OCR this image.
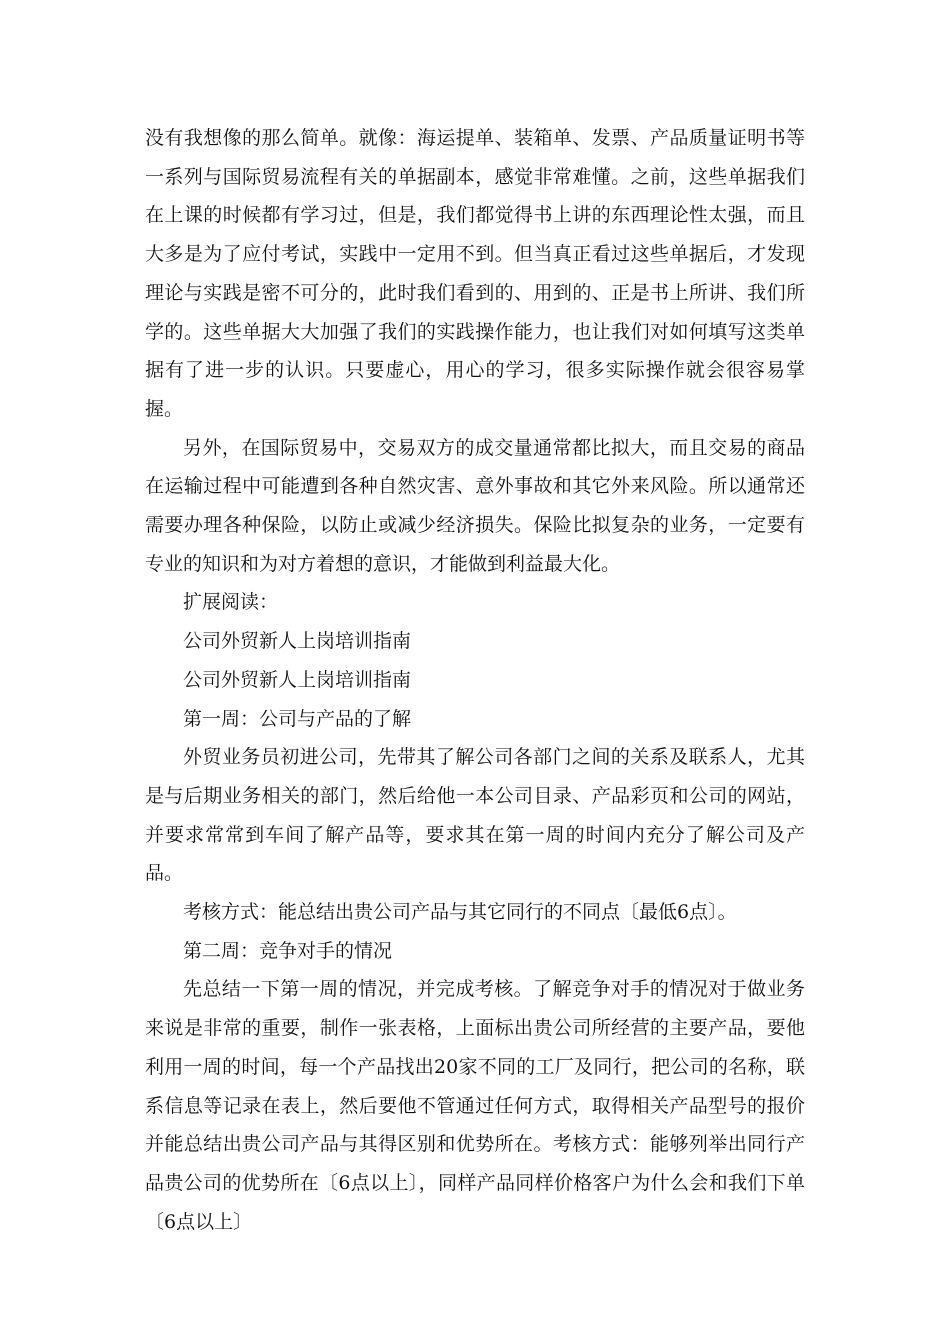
没有我想像的那么简单。就像：海运提单、装箱单、发票、产品质量证明书等一系列与国际贸易流程有关的单据副本，感觉非常难懂。之前，这些单据我们在上课的时候都有学习过，但是，我们都觉得书上讲的东西理论性太强，而且大多是为了应付考试，实践中一定用不到。但当真正看过这些单据后，才发现理论与实践是密不可分的，此时我们看到的、用到的、正是书上所讲、我们所学的。这些单据大大加强了我们的实践操作能力，也让我们对如何填写这类单据有了进一步的认识。只要虚心，用心的学习，很多实际操作就会很容易掌握。

另外，在国际贸易中，交易双方的成交量通常都比拟大，而且交易的商品在运输过程中可能遭到各种自然灾害、意外事故和其它外来风险。所以通常还需要办理各种保险，以防止或减少经济损失。保险比拟复杂的业务，一定要有专业的知识和为对方着想的意识，才能做到利益最大化。

扩展阅读：

公司外贸新人上岗培训指南

公司外贸新人上岗培训指南

第一周：公司与产品的了解

外贸业务员初进公司，先带其了解公司各部门之间的关系及联系人，尤其是与后期业务相关的部门，然后给他一本公司目录、产品彩页和公司的网站，并要求常常到车间了解产品等，要求其在第一周的时间内充分了解公司及产品。

考核方式：能总结出贵公司产品与其它同行的不同点〔最低6点〕。

第二周：竞争对手的情况

先总结一下第一周的情况，并完成考核。了解竞争对手的情况对于做业务来说是非常的重要，制作一张表格，上面标出贵公司所经营的主要产品，要他利用一周的时间，每一个产品找出20家不同的工厂及同行，把公司的名称，联系信息等记录在表上，然后要他不管通过任何方式，取得相关产品型号的报价并能总结出贵公司产品与其得区别和优势所在。考核方式：能够列举出同行产品贵公司的优势所在〔6点以上〕，同样产品同样价格客户为什么会和我们下单〔6点以上〕
